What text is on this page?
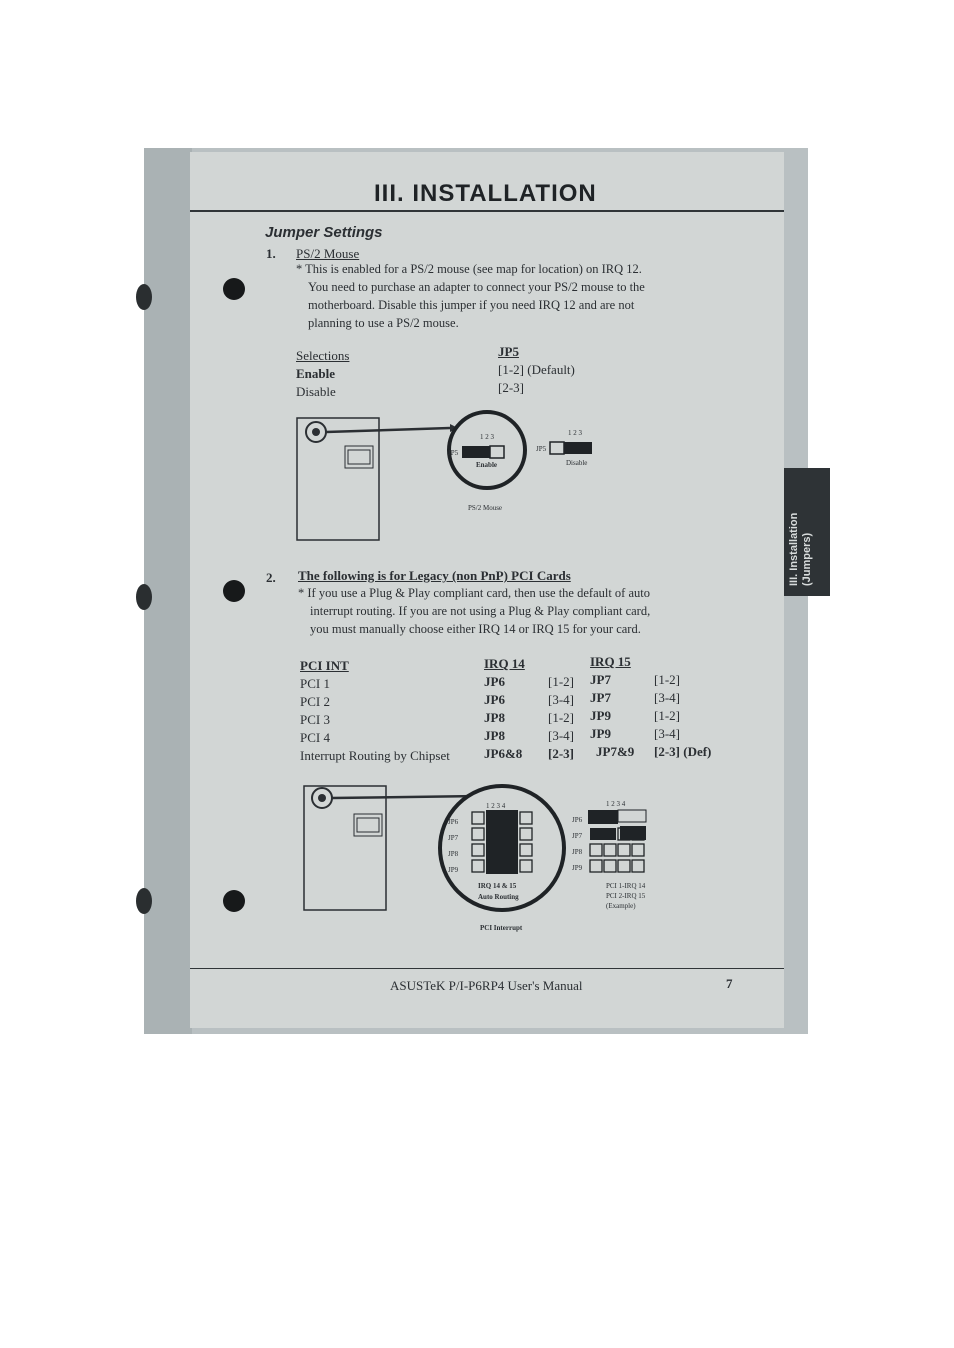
III. INSTALLATION
Jumper Settings
1. PS/2 Mouse
* This is enabled for a PS/2 mouse (see map for location) on IRQ 12.
You need to purchase an adapter to connect your PS/2 mouse to the
motherboard. Disable this jumper if you need IRQ 12 and are not
planning to use a PS/2 mouse.
Selections	JP5
Enable	[1-2] (Default)
Disable	[2-3]
1 2 3	1 2 3
JP5	JP5
Enable	Disable
PS/2 Mouse
2. The following is for Legacy (non PnP) PCI Cards
* If you use a Plug & Play compliant card, then use the default of auto
interrupt routing. If you are not using a Plug & Play compliant card,
you must manually choose either IRQ 14 or IRQ 15 for your card.
PCI INT	IRQ 14	IRQ 15
PCI 1	JP6	[1-2] JP7	[1-2]
PCI 2	JP6	[3-4] JP7	[3-4]
PCI 3	JP8	[1-2] JP9	[1-2]
PCI 4	JP8	[3-4] JP9	[3-4]
Interrupt Routing by Chipset	JP6&8 [2-3] JP7&9 [2-3] (Def)
1 2 3 4	1 2 3 4
JP6
JP7
JP8
JP9
JP6
JP7
JP8
JP9
IRQ 14 & 15
Auto Routing
PCI 1-IRQ 14
PCI 2-IRQ 15
(Example)
PCI Interrupt
ASUSTeK P/I-P6RP4 User's Manual	7
III. Installation
(Jumpers)
